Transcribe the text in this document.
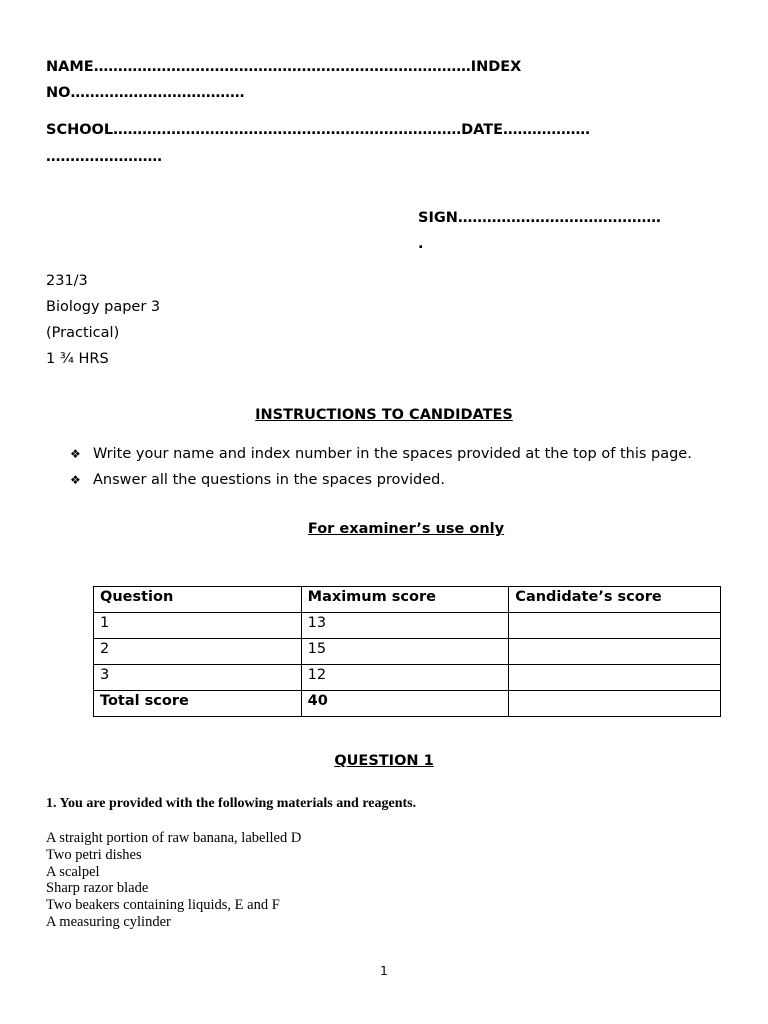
NAME……………………………………………………………………INDEX
NO………………………………
SCHOOL………………………………………………………………DATE………………
……………………
SIGN……………………………………
.
231/3
Biology paper 3
(Practical)
1 ¾ HRS
INSTRUCTIONS TO CANDIDATES
❖ Write your name and index number in the spaces provided at the top of this page.
❖ Answer all the questions in the spaces provided.
For examiner’s use only
Question	Maximum score	Candidate’s score
1	13	
2	15	
3	12	
Total score	40	
QUESTION 1
1. You are provided with the following materials and reagents.
A straight portion of raw banana, labelled D
Two petri dishes
A scalpel
Sharp razor blade
Two beakers containing liquids, E and F
A measuring cylinder
1
